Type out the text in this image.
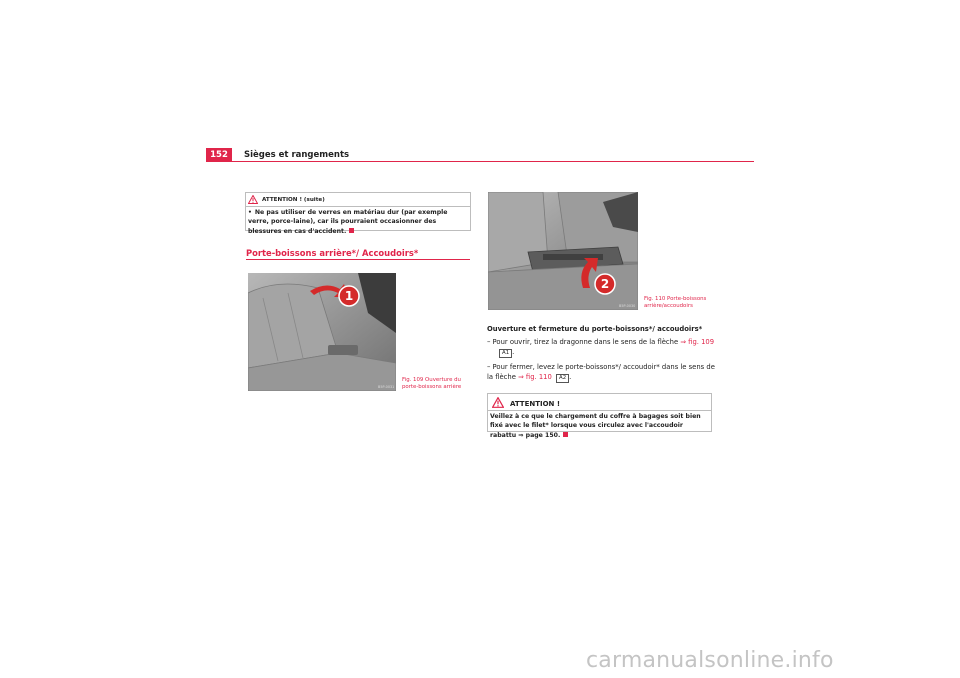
152	Sièges et rangements
ATTENTION ! (suite)
• Ne pas utiliser de verres en matériau dur (par exemple verre, porce-laine), car ils pourraient occasionner des blessures en cas d'accident.
Porte-boissons arrière*/ Accoudoirs*
1
B5P-0031
Fig. 109 Ouverture du porte-boissons arrière
2
B5P-0030
Fig. 110 Porte-boissons arrière/accoudoirs
Ouverture et fermeture du porte-boissons*/ accoudoirs*
– Pour ouvrir, tirez la dragonne dans le sens de la flèche ⇒ fig. 109
A1 .
– Pour fermer, levez le porte-boissons*/ accoudoir* dans le sens de la flèche ⇒ fig. 110 A2 .
ATTENTION !
Veillez à ce que le chargement du coffre à bagages soit bien fixé avec le filet* lorsque vous circulez avec l'accoudoir rabattu ⇒ page 150.
carmanualsonline.info
